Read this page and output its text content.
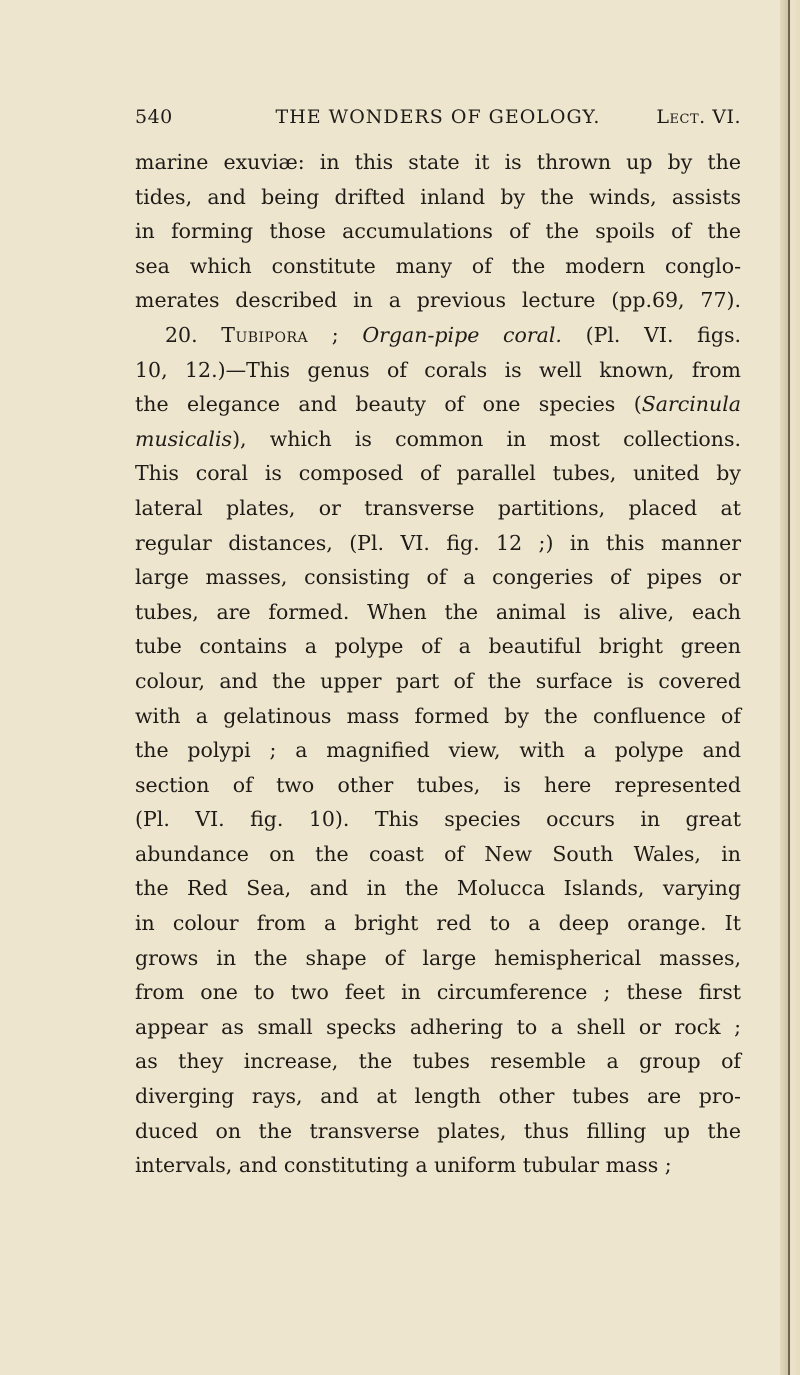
540	THE WONDERS OF GEOLOGY.	Lect. VI.
marine exuviæ: in this state it is thrown up by the
tides, and being drifted inland by the winds, assists
in forming those accumulations of the spoils of the
sea which constitute many of the modern conglo-
merates described in a previous lecture (pp.69, 77).
20. Tubipora ; Organ-pipe coral. (Pl. VI. figs.
10, 12.)—This genus of corals is well known, from
the elegance and beauty of one species (Sarcinula
musicalis), which is common in most collections.
This coral is composed of parallel tubes, united by
lateral plates, or transverse partitions, placed at
regular distances, (Pl. VI. fig. 12 ;) in this manner
large masses, consisting of a congeries of pipes or
tubes, are formed. When the animal is alive, each
tube contains a polype of a beautiful bright green
colour, and the upper part of the surface is covered
with a gelatinous mass formed by the confluence of
the polypi ; a magnified view, with a polype and
section of two other tubes, is here represented
(Pl. VI. fig. 10). This species occurs in great
abundance on the coast of New South Wales, in
the Red Sea, and in the Molucca Islands, varying
in colour from a bright red to a deep orange. It
grows in the shape of large hemispherical masses,
from one to two feet in circumference ; these first
appear as small specks adhering to a shell or rock ;
as they increase, the tubes resemble a group of
diverging rays, and at length other tubes are pro-
duced on the transverse plates, thus filling up the
intervals, and constituting a uniform tubular mass ;
